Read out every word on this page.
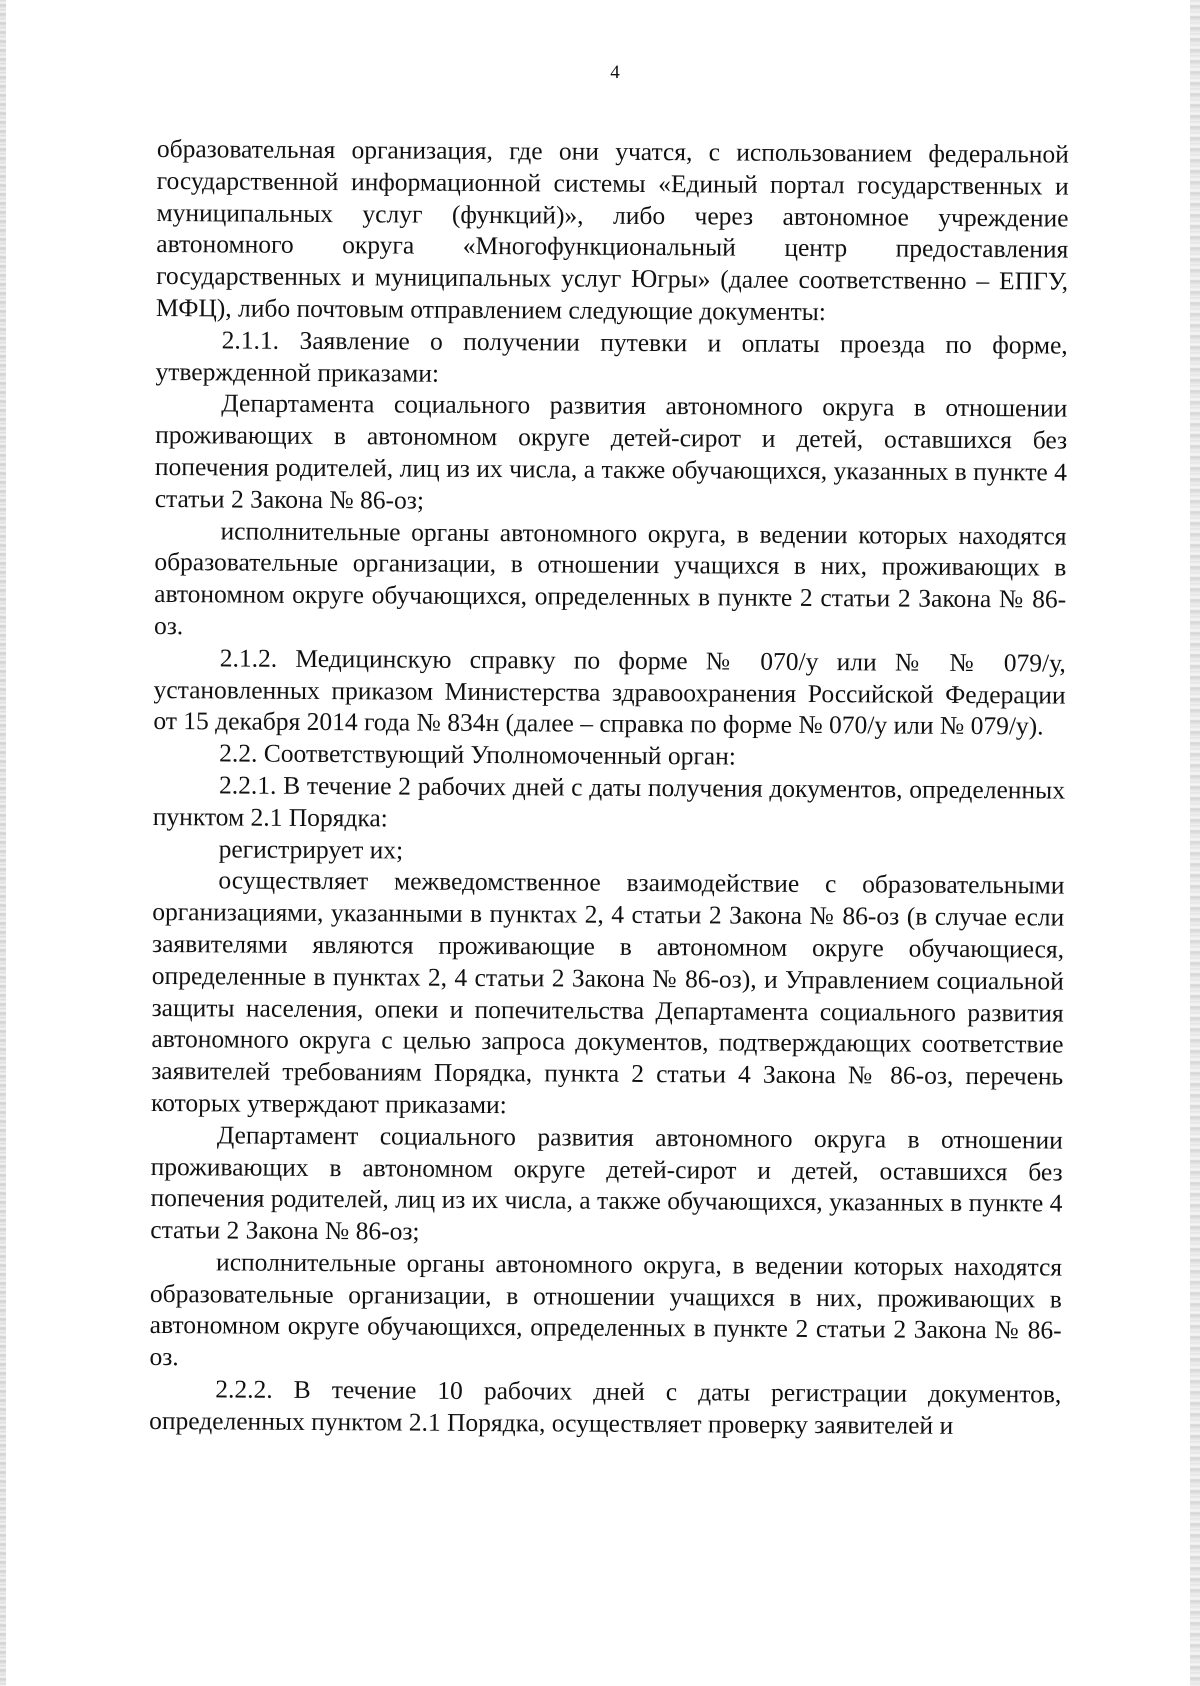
4

образовательная организация, где они учатся, с использованием федеральной государственной информационной системы «Единый портал государственных и муниципальных услуг (функций)», либо через автономное учреждение автономного округа «Многофункциональный центр предоставления государственных и муниципальных услуг Югры» (далее соответственно – ЕПГУ, МФЦ), либо почтовым отправлением следующие документы:

2.1.1. Заявление о получении путевки и оплаты проезда по форме, утвержденной приказами:

Департамента социального развития автономного округа в отношении проживающих в автономном округе детей-сирот и детей, оставшихся без попечения родителей, лиц из их числа, а также обучающихся, указанных в пункте 4 статьи 2 Закона № 86-оз;

исполнительные органы автономного округа, в ведении которых находятся образовательные организации, в отношении учащихся в них, проживающих в автономном округе обучающихся, определенных в пункте 2 статьи 2 Закона № 86-оз.

2.1.2. Медицинскую справку по форме № 070/у или № № 079/у, установленных приказом Министерства здравоохранения Российской Федерации от 15 декабря 2014 года № 834н (далее – справка по форме № 070/у или № 079/у).

2.2. Соответствующий Уполномоченный орган:

2.2.1. В течение 2 рабочих дней с даты получения документов, определенных пунктом 2.1 Порядка:

регистрирует их;

осуществляет межведомственное взаимодействие с образовательными организациями, указанными в пунктах 2, 4 статьи 2 Закона № 86-оз (в случае если заявителями являются проживающие в автономном округе обучающиеся, определенные в пунктах 2, 4 статьи 2 Закона № 86-оз), и Управлением социальной защиты населения, опеки и попечительства Департамента социального развития автономного округа с целью запроса документов, подтверждающих соответствие заявителей требованиям Порядка, пункта 2 статьи 4 Закона № 86-оз, перечень которых утверждают приказами:

Департамент социального развития автономного округа в отношении проживающих в автономном округе детей-сирот и детей, оставшихся без попечения родителей, лиц из их числа, а также обучающихся, указанных в пункте 4 статьи 2 Закона № 86-оз;

исполнительные органы автономного округа, в ведении которых находятся образовательные организации, в отношении учащихся в них, проживающих в автономном округе обучающихся, определенных в пункте 2 статьи 2 Закона № 86-оз.

2.2.2. В течение 10 рабочих дней с даты регистрации документов, определенных пунктом 2.1 Порядка, осуществляет проверку заявителей и
